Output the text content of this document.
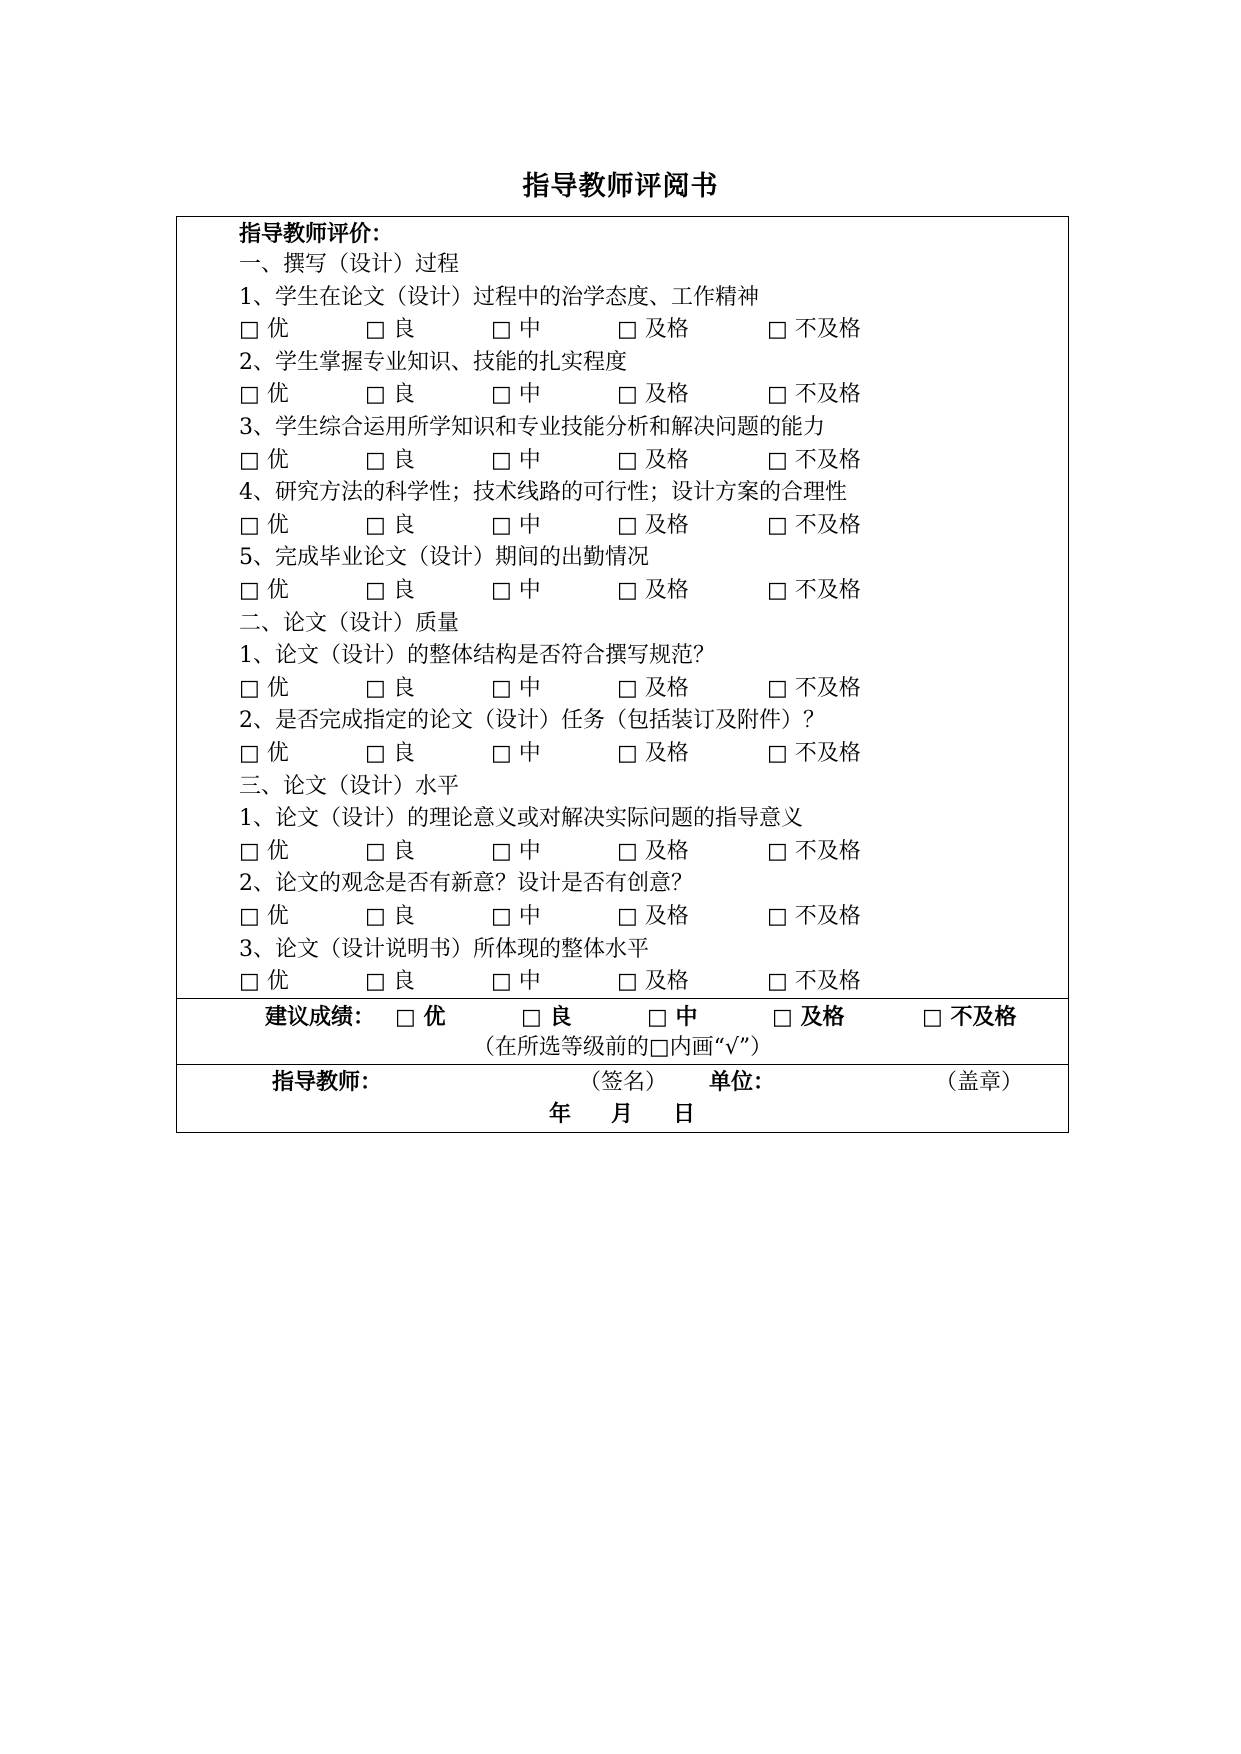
指导教师评阅书
指导教师评价：
一、撰写（设计）过程
1、学生在论文（设计）过程中的治学态度、工作精神
□ 优	□ 良	□ 中	□ 及格	□ 不及格
2、学生掌握专业知识、技能的扎实程度
□ 优	□ 良	□ 中	□ 及格	□ 不及格
3、学生综合运用所学知识和专业技能分析和解决问题的能力
□ 优	□ 良	□ 中	□ 及格	□ 不及格
4、研究方法的科学性；技术线路的可行性；设计方案的合理性
□ 优	□ 良	□ 中	□ 及格	□ 不及格
5、完成毕业论文（设计）期间的出勤情况
□ 优	□ 良	□ 中	□ 及格	□ 不及格
二、论文（设计）质量
1、论文（设计）的整体结构是否符合撰写规范？
□ 优	□ 良	□ 中	□ 及格	□ 不及格
2、是否完成指定的论文（设计）任务（包括装订及附件）？
□ 优	□ 良	□ 中	□ 及格	□ 不及格
三、论文（设计）水平
1、论文（设计）的理论意义或对解决实际问题的指导意义
□ 优	□ 良	□ 中	□ 及格	□ 不及格
2、论文的观念是否有新意？设计是否有创意？
□ 优	□ 良	□ 中	□ 及格	□ 不及格
3、论文（设计说明书）所体现的整体水平
□ 优	□ 良	□ 中	□ 及格	□ 不及格
建议成绩： □ 优	□ 良	□ 中	□ 及格	□ 不及格
（在所选等级前的□内画“√”）
指导教师：	（签名） 单位：	（盖章）
年 月 日
